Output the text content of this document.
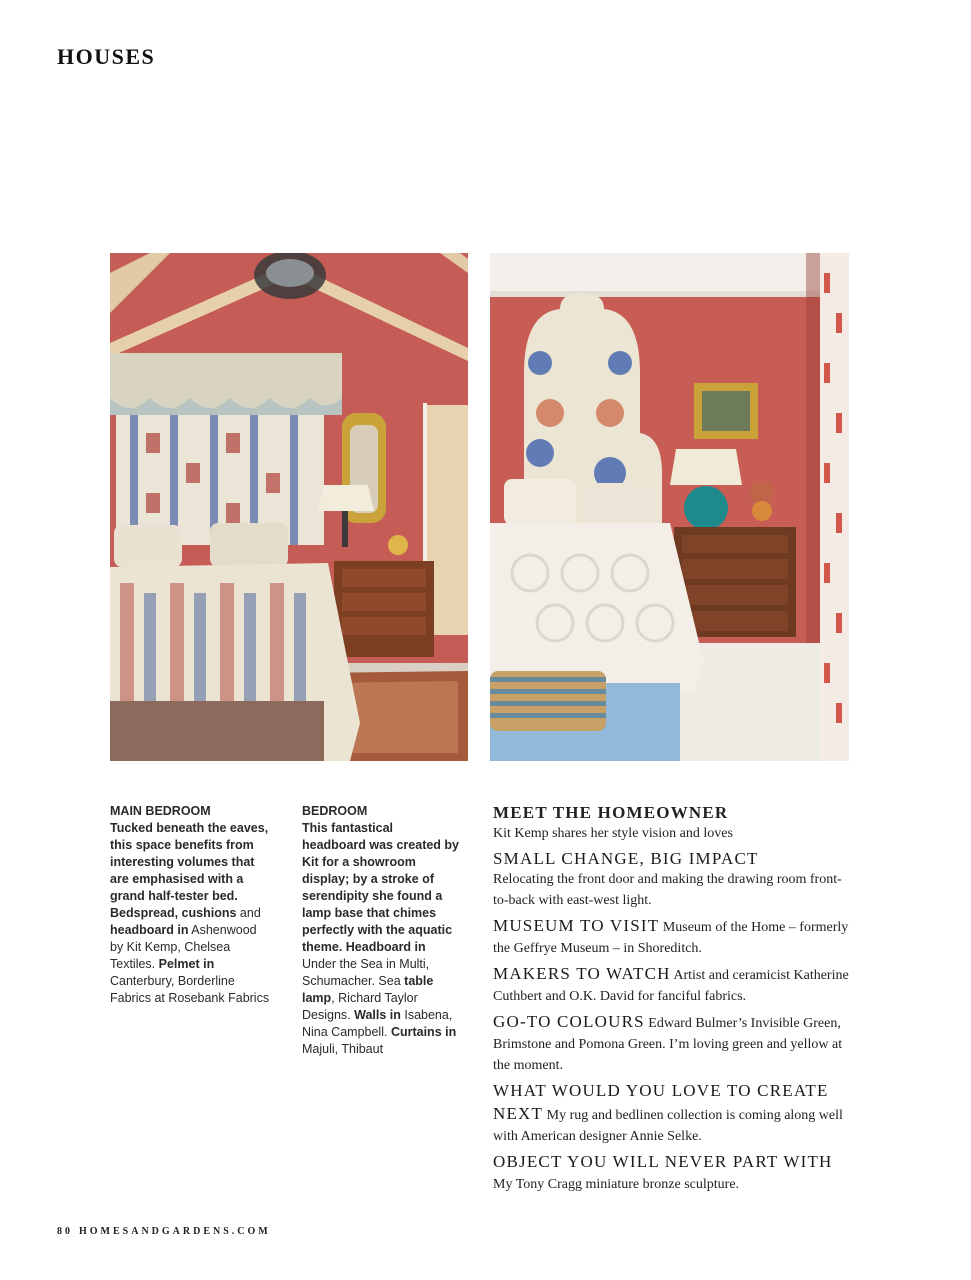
HOUSES
MAIN BEDROOM
Tucked beneath the eaves, this space benefits from interesting volumes that are emphasised with a grand half-tester bed. Bedspread, cushions and headboard in Ashenwood by Kit Kemp, Chelsea Textiles. Pelmet in Canterbury, Borderline Fabrics at Rosebank Fabrics
BEDROOM
This fantastical headboard was created by Kit for a showroom display; by a stroke of serendipity she found a lamp base that chimes perfectly with the aquatic theme. Headboard in Under the Sea in Multi, Schumacher. Sea table lamp, Richard Taylor Designs. Walls in Isabena, Nina Campbell. Curtains in Majuli, Thibaut
MEET THE HOMEOWNER
Kit Kemp shares her style vision and loves
SMALL CHANGE, BIG IMPACT
Relocating the front door and making the drawing room front-to-back with east-west light.
MUSEUM TO VISIT Museum of the Home – formerly the Geffrye Museum – in Shoreditch.
MAKERS TO WATCH Artist and ceramicist Katherine Cuthbert and O.K. David for fanciful fabrics.
GO-TO COLOURS Edward Bulmer’s Invisible Green, Brimstone and Pomona Green. I’m loving green and yellow at the moment.
WHAT WOULD YOU LOVE TO CREATE NEXT My rug and bedlinen collection is coming along well with American designer Annie Selke.
OBJECT YOU WILL NEVER PART WITH My Tony Cragg miniature bronze sculpture.
80 HOMESANDGARDENS.COM
